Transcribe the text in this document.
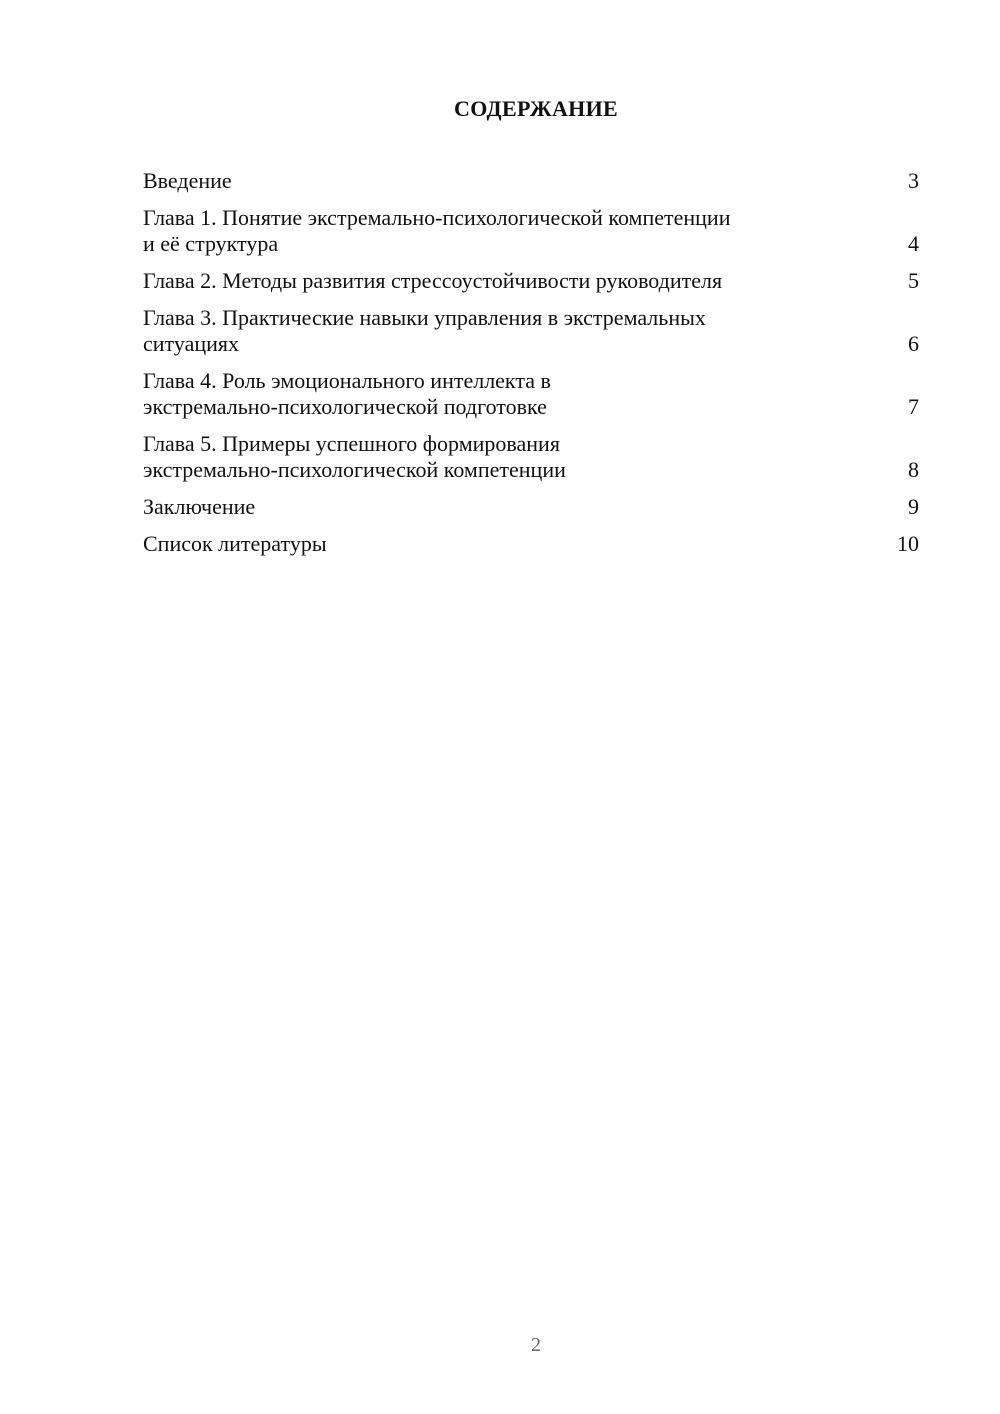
СОДЕРЖАНИЕ
Введение	3
Глава 1. Понятие экстремально-психологической компетенции
и её структура	4
Глава 2. Методы развития стрессоустойчивости руководителя	5
Глава 3. Практические навыки управления в экстремальных
ситуациях	6
Глава 4. Роль эмоционального интеллекта в
экстремально-психологической подготовке	7
Глава 5. Примеры успешного формирования
экстремально-психологической компетенции	8
Заключение	9
Список литературы	10
2
